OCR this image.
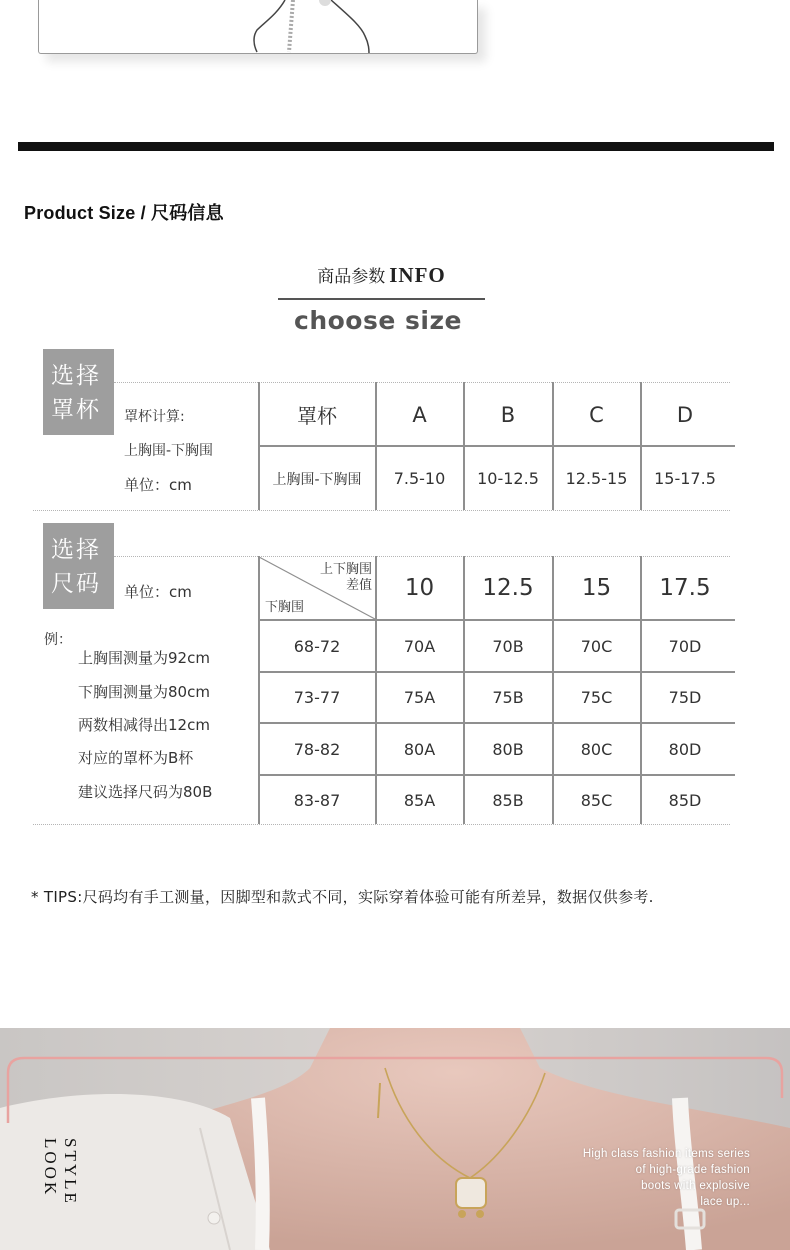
Product Size / 尺码信息
商品参数 INFO
choose size
选择
罩杯	罩杯计算:
上胸围-下胸围
单位：cm
罩杯	A	B	C	D
上胸围-下胸围	7.5-10	10-12.5	12.5-15	15-17.5
选择
尺码	单位：cm
上下胸围
差值
下胸围
10	12.5	15	17.5
68-72	70A	70B	70C	70D
73-77	75A	75B	75C	75D
78-82	80A	80B	80C	80D
83-87	85A	85B	85C	85D
例：
上胸围测量为92cm
下胸围测量为80cm
两数相减得出12cm
对应的罩杯为B杯
建议选择尺码为80B
* TIPS:尺码均有手工测量，因脚型和款式不同，实际穿着体验可能有所差异，数据仅供参考.
STYLE LOOK	High class fashion items series
of high-grade fashion
boots with explosive
lace up...
